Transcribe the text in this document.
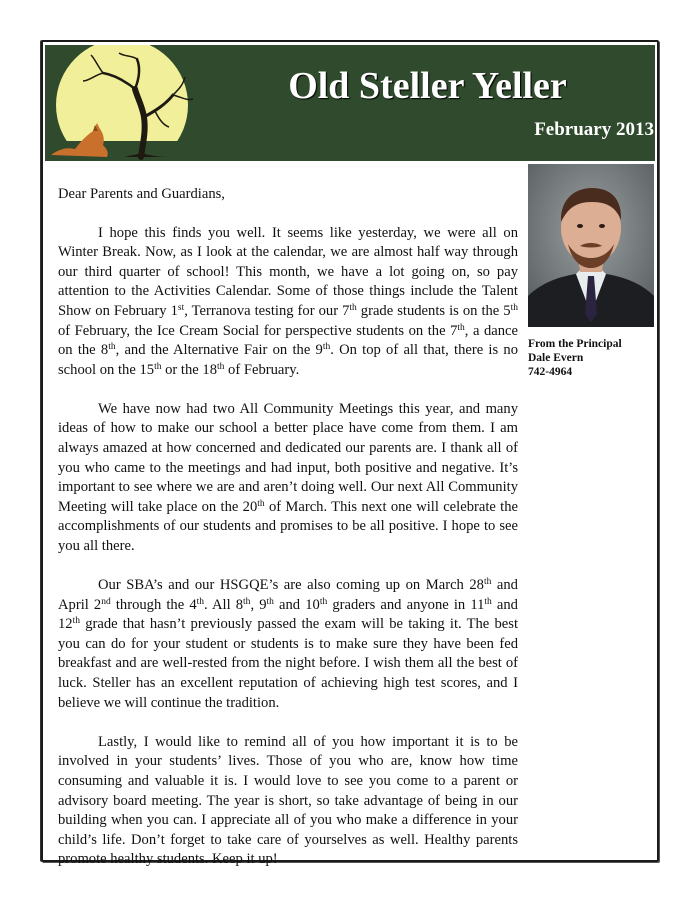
Old Steller Yeller
February 2013
From the Principal
Dale Evern
742-4964
Dear Parents and Guardians,

I hope this finds you well. It seems like yesterday, we were all on Winter Break. Now, as I look at the calendar, we are almost half way through our third quarter of school! This month, we have a lot going on, so pay attention to the Activities Calendar. Some of those things include the Talent Show on February 1st, Terranova testing for our 7th grade students is on the 5th of February, the Ice Cream Social for perspective students on the 7th, a dance on the 8th, and the Alternative Fair on the 9th. On top of all that, there is no school on the 15th or the 18th of February.

We have now had two All Community Meetings this year, and many ideas of how to make our school a better place have come from them. I am always amazed at how concerned and dedicated our parents are. I thank all of you who came to the meetings and had input, both positive and negative. It’s important to see where we are and aren’t doing well. Our next All Community Meeting will take place on the 20th of March. This next one will celebrate the accomplishments of our students and promises to be all positive. I hope to see you all there.

Our SBA’s and our HSGQE’s are also coming up on March 28th and April 2nd through the 4th. All 8th, 9th and 10th graders and anyone in 11th and 12th grade that hasn’t previously passed the exam will be taking it. The best you can do for your student or students is to make sure they have been fed breakfast and are well-rested from the night before. I wish them all the best of luck. Steller has an excellent reputation of achieving high test scores, and I believe we will continue the tradition.

Lastly, I would like to remind all of you how important it is to be involved in your students’ lives. Those of you who are, know how time consuming and valuable it is. I would love to see you come to a parent or advisory board meeting. The year is short, so take advantage of being in our building when you can. I appreciate all of you who make a difference in your child’s life. Don’t forget to take care of yourselves as well. Healthy parents promote healthy students. Keep it up!
